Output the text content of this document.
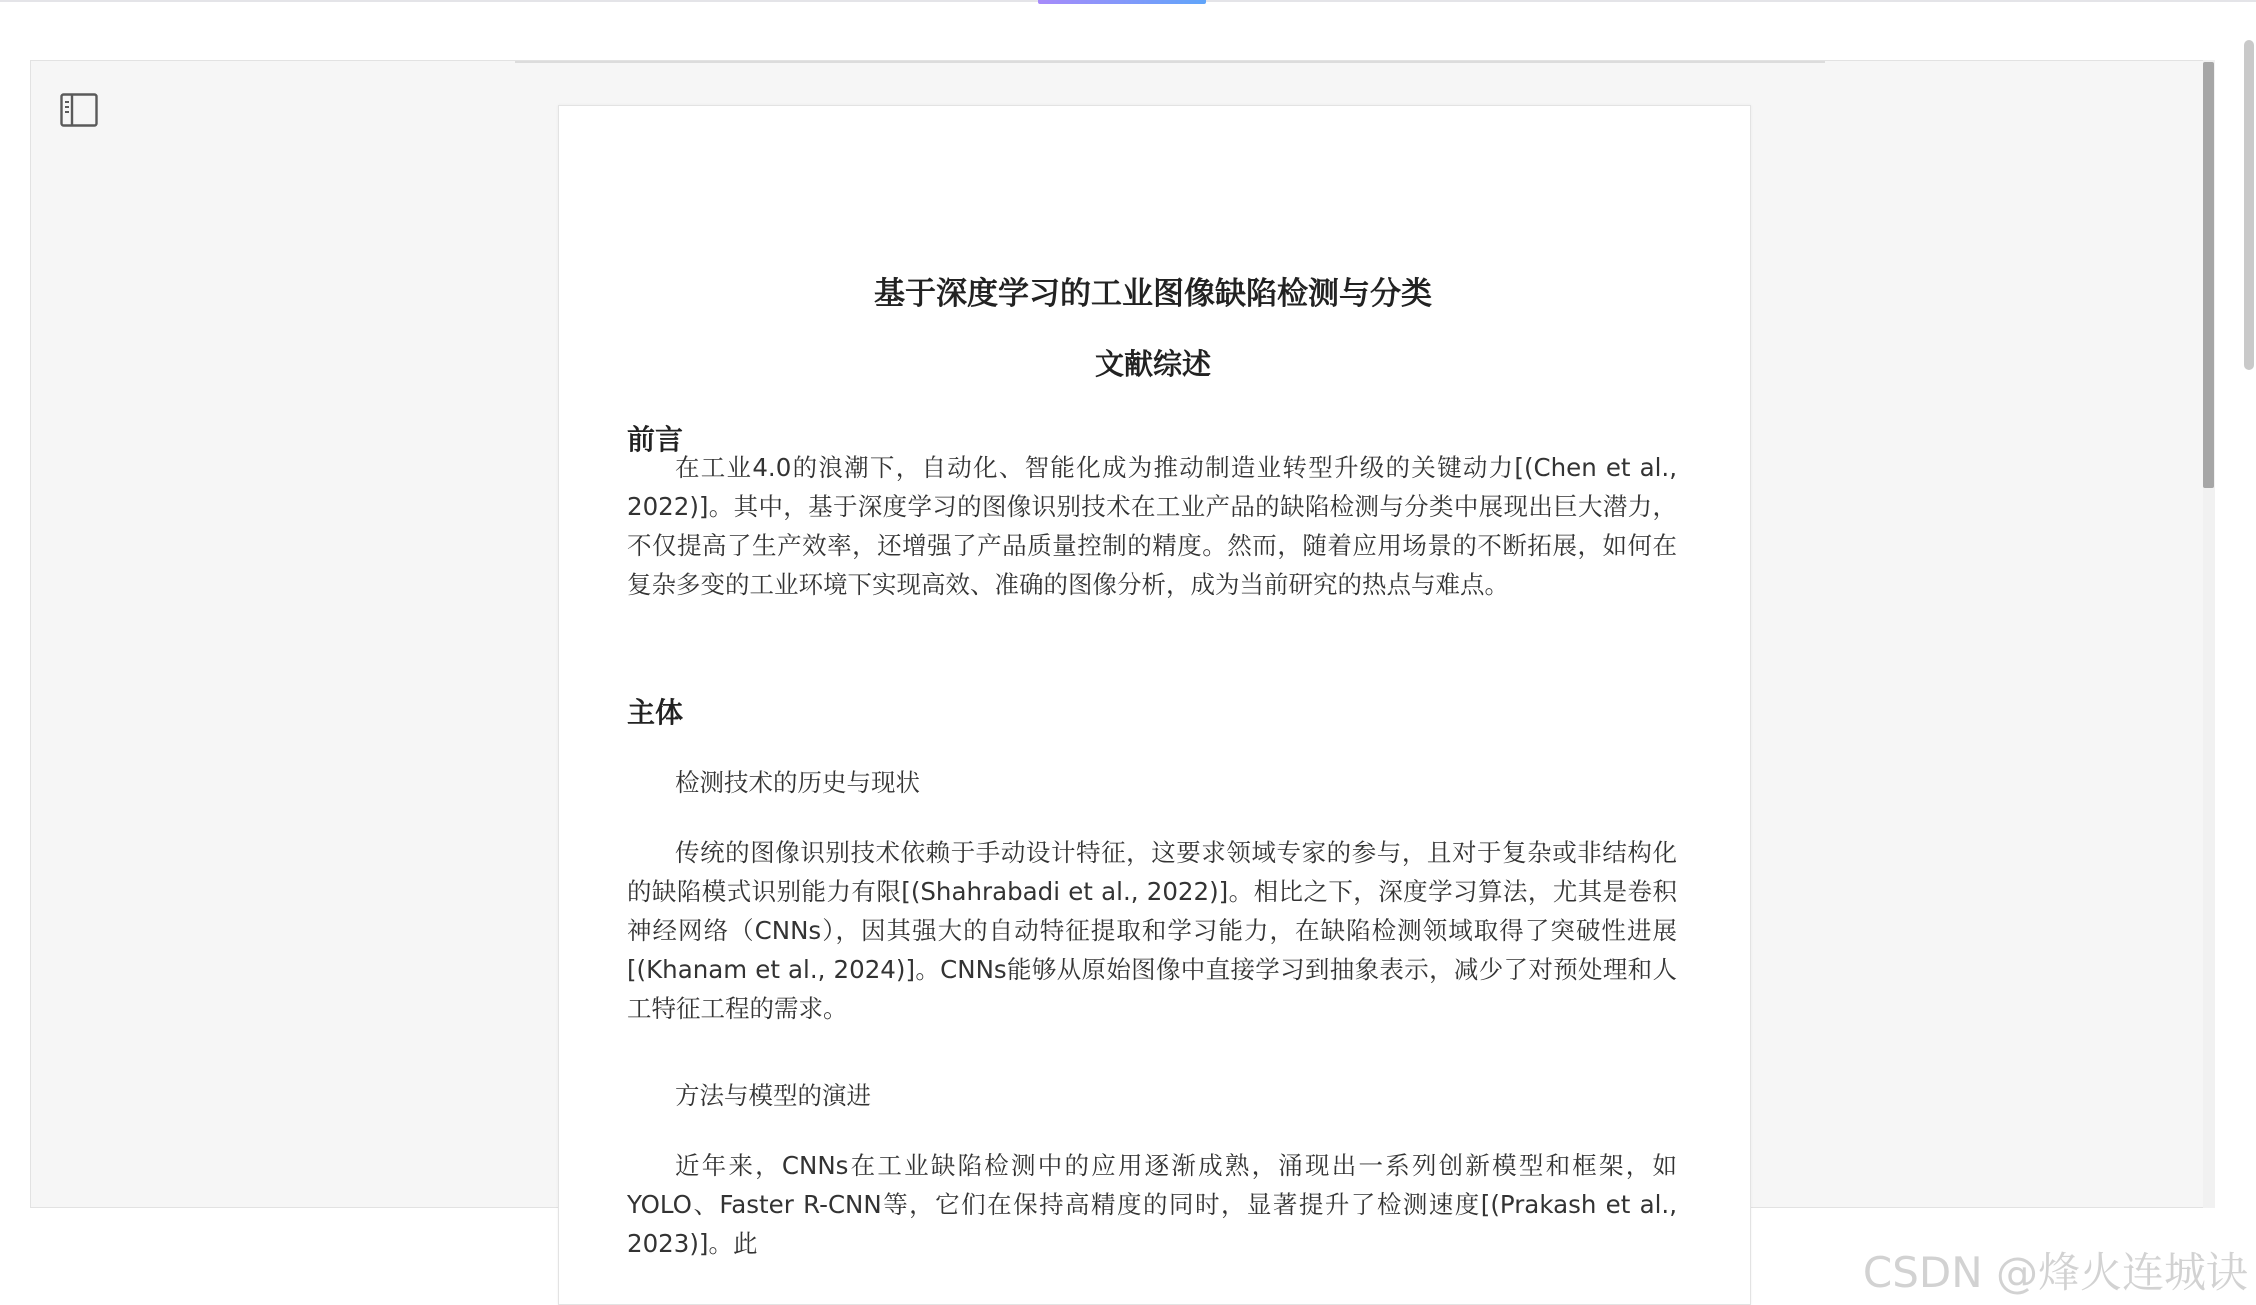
基于深度学习的工业图像缺陷检测与分类
文献综述
前言

在工业4.0的浪潮下，自动化、智能化成为推动制造业转型升级的关键动力[(Chen et al., 2022)]。其中，基于深度学习的图像识别技术在工业产品的缺陷检测与分类中展现出巨大潜力，不仅提高了生产效率，还增强了产品质量控制的精度。然而，随着应用场景的不断拓展，如何在复杂多变的工业环境下实现高效、准确的图像分析，成为当前研究的热点与难点。

主体

检测技术的历史与现状

传统的图像识别技术依赖于手动设计特征，这要求领域专家的参与，且对于复杂或非结构化的缺陷模式识别能力有限[(Shahrabadi et al., 2022)]。相比之下，深度学习算法，尤其是卷积神经网络（CNNs），因其强大的自动特征提取和学习能力，在缺陷检测领域取得了突破性进展[(Khanam et al., 2024)]。CNNs能够从原始图像中直接学习到抽象表示，减少了对预处理和人工特征工程的需求。

方法与模型的演进

近年来，CNNs在工业缺陷检测中的应用逐渐成熟，涌现出一系列创新模型和框架，如YOLO、Faster R-CNN等，它们在保持高精度的同时，显著提升了检测速度[(Prakash et al., 2023)]。此

CSDN @烽火连城诀
